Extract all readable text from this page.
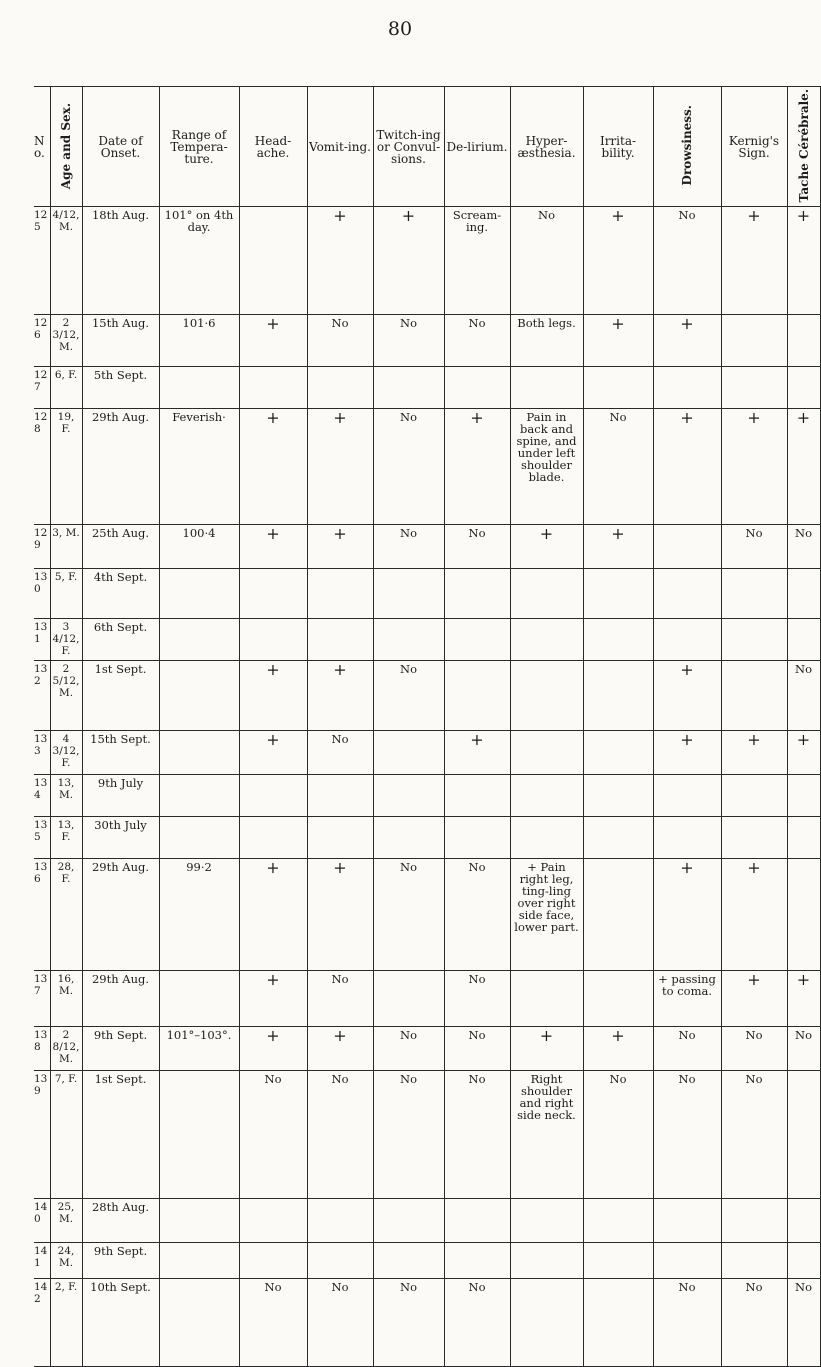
80
No.	Age and Sex.	Date of Onset.	Range of Tempera-ture.	Head-ache.	Vomit-ing.	Twitch-ing or Convul-sions.	De-lirium.	Hyper-æsthesia.	Irrita-bility.	Drowsiness.	Kernig's Sign.	Tache Cérébrale.
125	4/12, M.	18th Aug.	101° on 4th day.		+	+	Scream-ing.	No	+	No	+	+
126	2 3/12, M.	15th Aug.	101·6	+	No	No	No	Both legs.	+	+		
127	6, F.	5th Sept.										
128	19, F.	29th Aug.	Feverish·	+	+	No	+	Pain in back and spine, and under left shoulder blade.	No	+	+	+
129	3, M.	25th Aug.	100·4	+	+	No	No	+	+		No	No
130	5, F.	4th Sept.										
131	3 4/12, F.	6th Sept.										
132	2 5/12, M.	1st Sept.		+	+	No				+		No
133	4 3/12, F.	15th Sept.		+	No		+			+	+	+
134	13, M.	9th July										
135	13, F.	30th July										
136	28, F.	29th Aug.	99·2	+	+	No	No	+ Pain right leg, ting-ling over right side face, lower part.		+	+	
137	16, M.	29th Aug.		+	No		No			+ passing to coma.	+	+
138	2 8/12, M.	9th Sept.	101°–103°.	+	+	No	No	+	+	No	No	No
139	7, F.	1st Sept.		No	No	No	No	Right shoulder and right side neck.	No	No	No	
140	25, M.	28th Aug.										
141	24, M.	9th Sept.										
142	2, F.	10th Sept.		No	No	No	No			No	No	No
